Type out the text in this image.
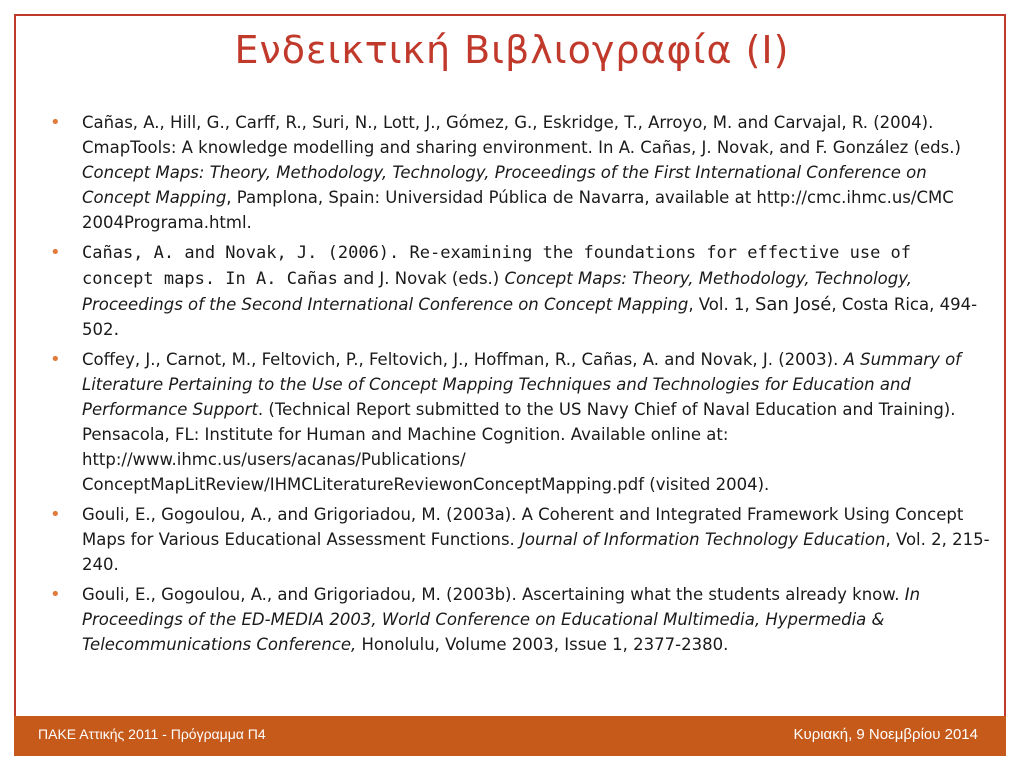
Ενδεικτική Βιβλιογραφία (Ι)
• Cañas, A., Hill, G., Carff, R., Suri, N., Lott, J., Gómez, G., Eskridge, T., Arroyo, M. and Carvajal, R. (2004). CmapTools: A knowledge modelling and sharing environment. In A. Cañas, J. Novak, and F. González (eds.) Concept Maps: Theory, Methodology, Technology, Proceedings of the First International Conference on Concept Mapping, Pamplona, Spain: Universidad Pública de Navarra, available at http://cmc.ihmc.us/CMC 2004Programa.html.
• Cañas, A. and Novak, J. (2006). Re-examining the foundations for effective use of concept maps. In A. Cañas and J. Novak (eds.) Concept Maps: Theory, Methodology, Technology, Proceedings of the Second International Conference on Concept Mapping, Vol. 1, San José, Costa Rica, 494-502.
• Coffey, J., Carnot, M., Feltovich, P., Feltovich, J., Hoffman, R., Cañas, A. and Novak, J. (2003). A Summary of Literature Pertaining to the Use of Concept Mapping Techniques and Technologies for Education and Performance Support. (Technical Report submitted to the US Navy Chief of Naval Education and Training). Pensacola, FL: Institute for Human and Machine Cognition. Available online at: http://www.ihmc.us/users/acanas/Publications/ ConceptMapLitReview/IHMCLiteratureReviewonConceptMapping.pdf (visited 2004).
• Gouli, E., Gogoulou, A., and Grigoriadou, M. (2003a). A Coherent and Integrated Framework Using Concept Maps for Various Educational Assessment Functions. Journal of Information Technology Education, Vol. 2, 215-240.
• Gouli, E., Gogoulou, A., and Grigoriadou, M. (2003b). Ascertaining what the students already know. In Proceedings of the ED-MEDIA 2003, World Conference on Educational Multimedia, Hypermedia & Telecommunications Conference, Honolulu, Volume 2003, Issue 1, 2377-2380.
ΠΑΚΕ Αττικής 2011 - Πρόγραμμα Π4	Κυριακή, 9 Νοεμβρίου 2014
